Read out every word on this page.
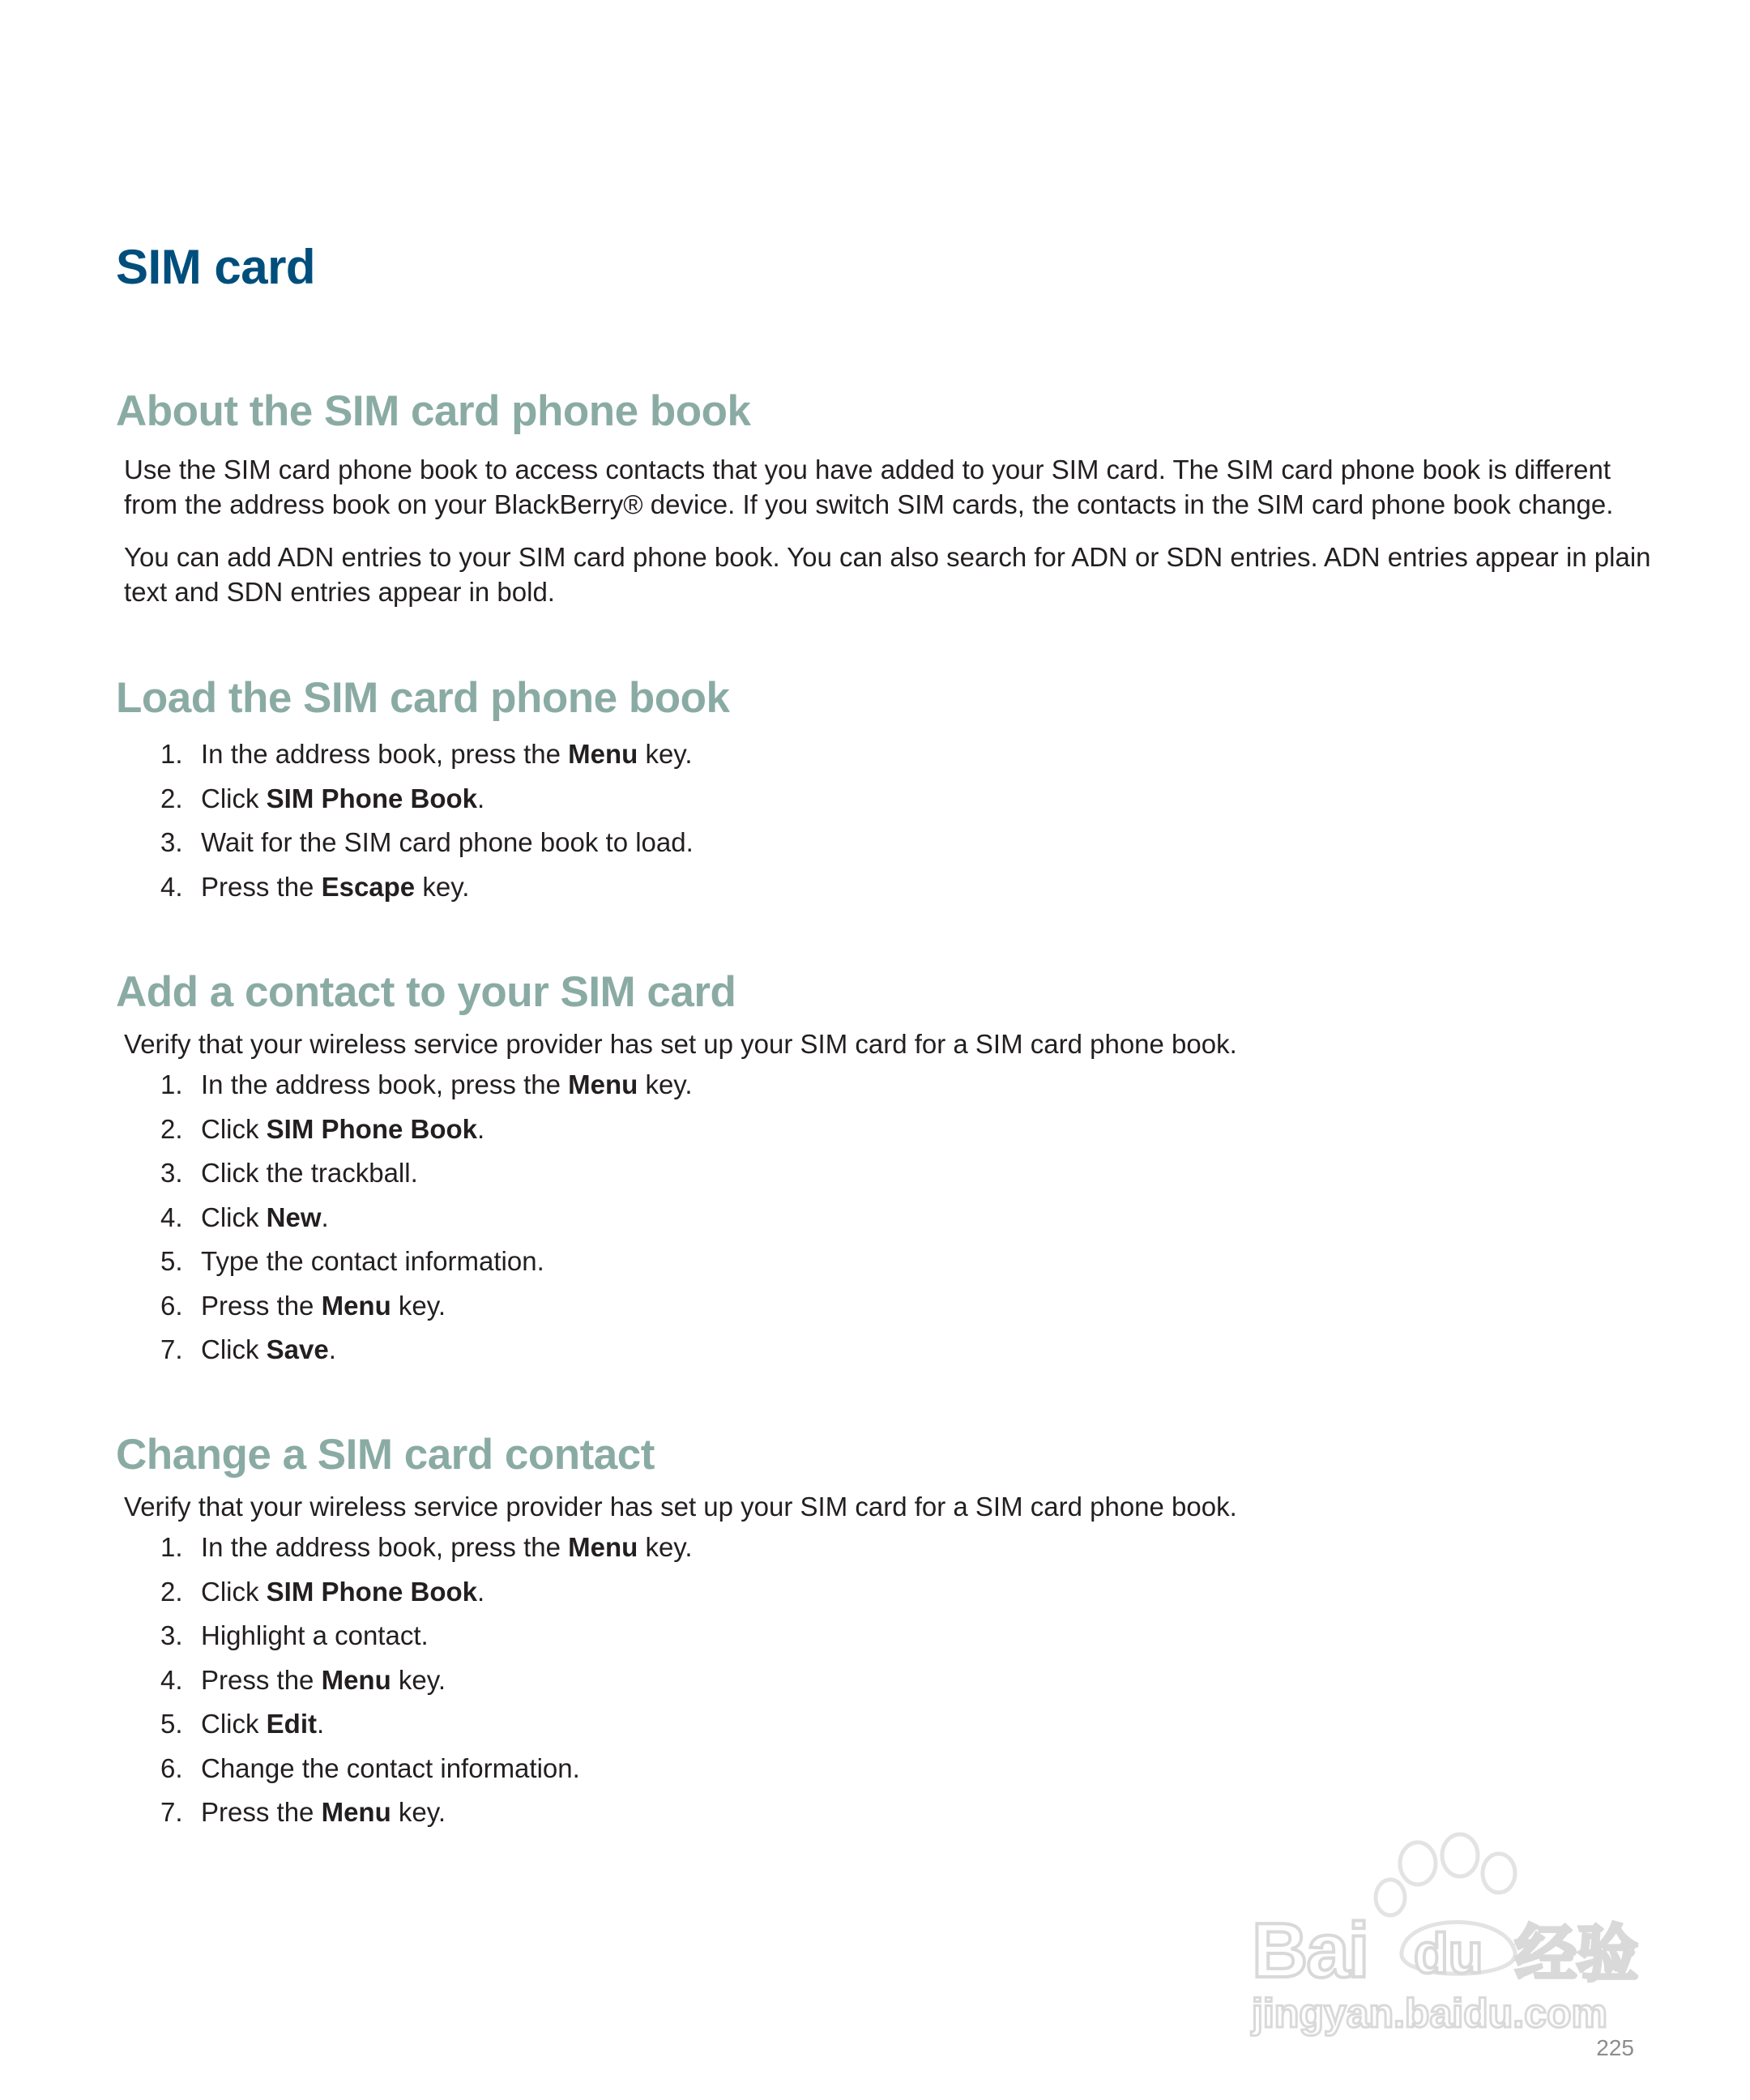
SIM card
About the SIM card phone book

Use the SIM card phone book to access contacts that you have added to your SIM card. The SIM card phone book is different from the address book on your BlackBerry® device. If you switch SIM cards, the contacts in the SIM card phone book change.

You can add ADN entries to your SIM card phone book. You can also search for ADN or SDN entries. ADN entries appear in plain text and SDN entries appear in bold.

Load the SIM card phone book
1. In the address book, press the Menu key.
2. Click SIM Phone Book.
3. Wait for the SIM card phone book to load.
4. Press the Escape key.
Add a contact to your SIM card

Verify that your wireless service provider has set up your SIM card for a SIM card phone book.

1. In the address book, press the Menu key.
2. Click SIM Phone Book.
3. Click the trackball.
4. Click New.
5. Type the contact information.
6. Press the Menu key.
7. Click Save.
Change a SIM card contact

Verify that your wireless service provider has set up your SIM card for a SIM card phone book.

1. In the address book, press the Menu key.
2. Click SIM Phone Book.
3. Highlight a contact.
4. Press the Menu key.
5. Click Edit.
6. Change the contact information.
7. Press the Menu key.
Bai du 经验
jingyan.baidu.com
225
